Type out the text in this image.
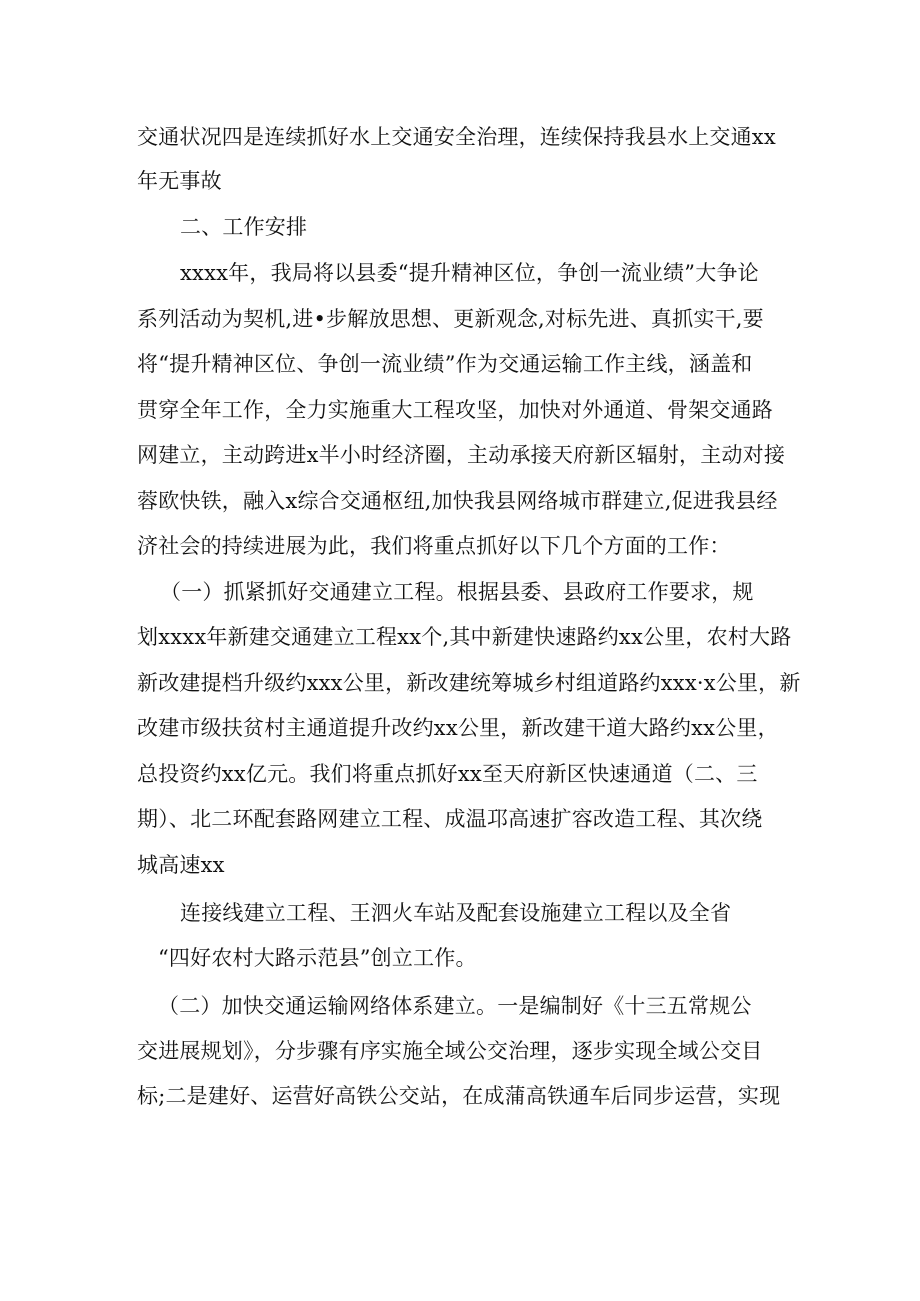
交通状况四是连续抓好水上交通安全治理，连续保持我县水上交通xx
年无事故
二、工作安排
xxxx年，我局将以县委“提升精神区位，争创一流业绩”大争论
系列活动为契机,进•步解放思想、更新观念,对标先进、真抓实干,要
将“提升精神区位、争创一流业绩”作为交通运输工作主线，涵盖和
贯穿全年工作，全力实施重大工程攻坚，加快对外通道、骨架交通路
网建立，主动跨进x半小时经济圈，主动承接天府新区辐射，主动对接
蓉欧快铁，融入x综合交通枢纽,加快我县网络城市群建立,促进我县经
济社会的持续进展为此，我们将重点抓好以下几个方面的工作：
（一）抓紧抓好交通建立工程。根据县委、县政府工作要求，规
划xxxx年新建交通建立工程xx个,其中新建快速路约xx公里，农村大路
新改建提档升级约xxx公里，新改建统筹城乡村组道路约xxx·x公里，新
改建市级扶贫村主通道提升改约xx公里，新改建干道大路约xx公里，
总投资约xx亿元。我们将重点抓好xx至天府新区快速通道（二、三
期）、北二环配套路网建立工程、成温邛高速扩容改造工程、其次绕
城高速xx
连接线建立工程、王泗火车站及配套设施建立工程以及全省
“四好农村大路示范县”创立工作。
（二）加快交通运输网络体系建立。一是编制好《十三五常规公
交进展规划》，分步骤有序实施全域公交治理，逐步实现全域公交目
标;二是建好、运营好高铁公交站，在成蒲高铁通车后同步运营，实现
